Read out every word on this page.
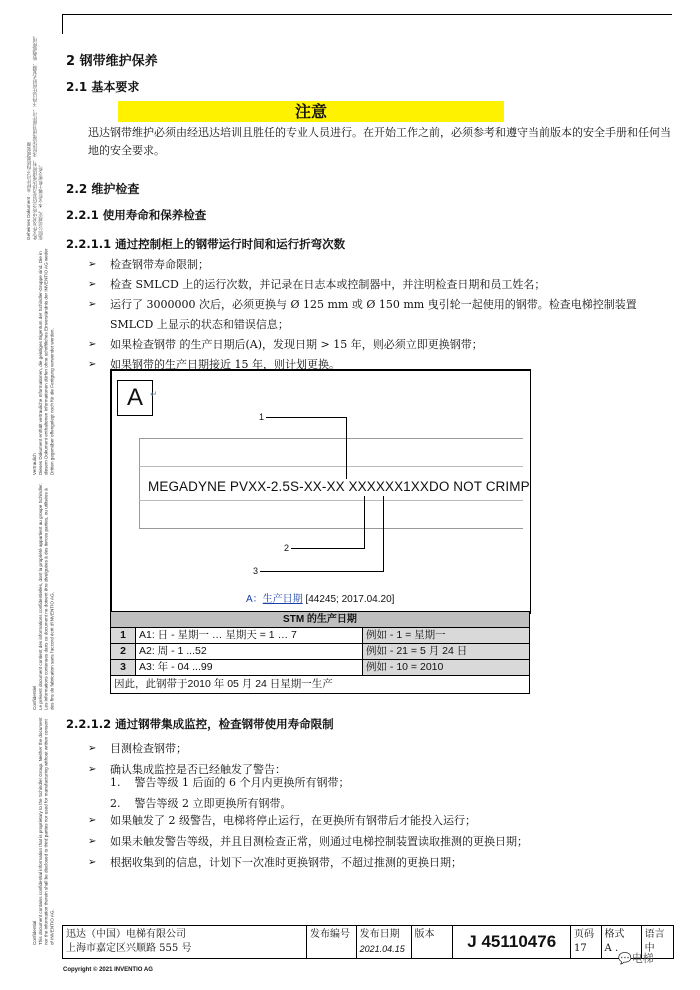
Geheimes Dokument · 未经许可不得转载或复制
此文件及其中所含信息为迅达集团所有。未经迅达集团书面许可，不得以任何形式复制、转载或使用。
依照公司规定，本文件属于机密文件。
Vertraulich
Dieses Dokument enthält vertrauliche Informationen, die geistiges Eigentum der Schindler-Gruppe sind. Die in diesem Dokument enthaltenen Informationen dürfen ohne schriftliches Einverständnis der INVENTIO AG weder Dritten gegenüber offengelegt noch für die Fertigung verwendet werden.
Confidentiel
Le présent document contient des informations confidentielles, dont la propriété appartient au groupe Schindler. Les informations contenues dans ce document ne doivent être divulguées à des tierces parties, ou utilisées à des fins de fabrication sans l'accord écrit d'INVENTIO AG.
Confidential
This document contains confidential information that is proprietary to the Schindler Group. Neither the document nor the information therein shall be disclosed to third parties nor used for manufacturing without written consent of INVENTIO AG.
2 钢带维护保养
2.1 基本要求
注意

迅达钢带维护必须由经迅达培训且胜任的专业人员进行。在开始工作之前，必须参考和遵守当前版本的安全手册和任何当地的安全要求。

2.2 维护检查
2.2.1 使用寿命和保养检查
2.2.1.1 通过控制柜上的钢带运行时间和运行折弯次数
➢ 检查钢带寿命限制；
➢ 检查 SMLCD 上的运行次数，并记录在日志本或控制器中，并注明检查日期和员工姓名；
➢ 运行了 3000000 次后，必须更换与 Ø 125 mm 或 Ø 150 mm 曳引轮一起使用的钢带。检查电梯控制装置 SMLCD 上显示的状态和错误信息；
➢ 如果检查钢带 的生产日期后(A)，发现日期 > 15 年，则必须立即更换钢带；
➢ 如果钢带的生产日期接近 15 年，则计划更换。
A ↵
MEGADYNE PVXX-2.5S-XX-XX XXXXXX1XXDO NOT CRIMP
1
2
3
A：生产日期 [44245; 2017.04.20]
STM 的生产日期		
1	A1: 日 - 星期一 … 星期天 = 1 … 7	例如 - 1 = 星期一
2	A2: 周 - 1 ...52	例如 - 21 = 5 月 24 日
3	A3: 年 - 04 ...99	例如 - 10 = 2010
因此，此钢带于2010 年 05 月 24 日星期一生产		
2.2.1.2 通过钢带集成监控，检查钢带使用寿命限制
➢ 目测检查钢带；
➢ 确认集成监控是否已经触发了警告：
1. 警告等级 1 后面的 6 个月内更换所有钢带；
2. 警告等级 2 立即更换所有钢带。
➢ 如果触发了 2 级警告，电梯将停止运行，在更换所有钢带后才能投入运行；
➢ 如果未触发警告等级，并且目测检查正常，则通过电梯控制装置读取推测的更换日期；
➢ 根据收集到的信息，计划下一次准时更换钢带，不超过推测的更换日期；
迅达（中国）电梯有限公司
上海市嘉定区兴顺路 555 号

发布编号	发布日期
2021.04.15

版本	J 45110476	页码
17

格式
A .

语言
中
Copyright © 2021 INVENTIO AG
💬电梯
